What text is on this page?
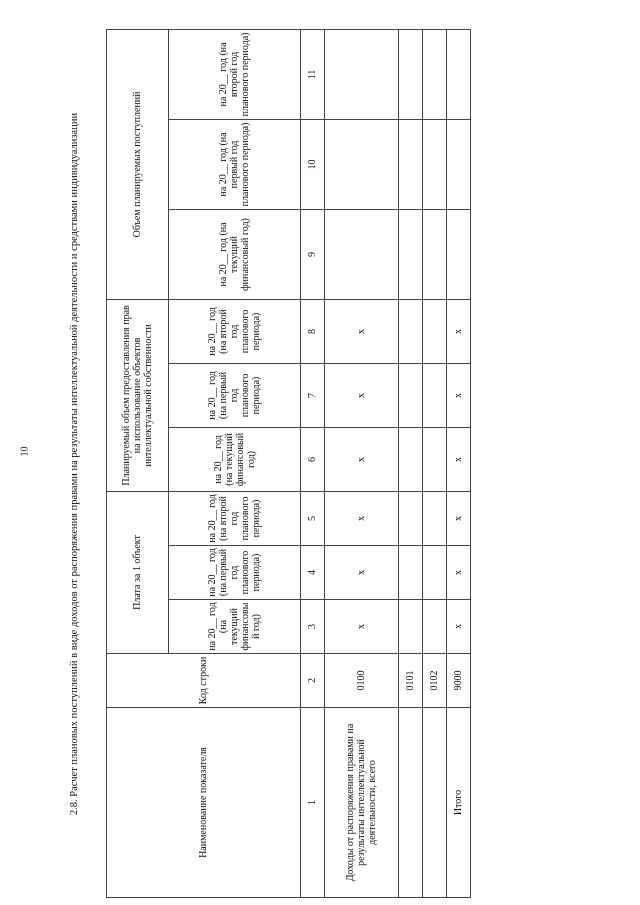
10	2.8. Расчет плановых поступлений в виде доходов от распоряжения правами на результаты интеллектуальной деятельности и средствами индивидуализации	Наименование показателя	Код строки	Плата за 1 объект			Планируемый объем предоставления прав на использование объектов интеллектуальной собственности			Объем планируемых поступлений		
		на 20__ год (на текущий финансовый год)	на 20__ год (на первый год планового периода)	на 20__ год (на второй год планового периода)	на 20__ год (на текущий финансовый год)	на 20__ год (на первый год планового периода)	на 20__ год (на второй год планового периода)	на 20__ год (на текущий финансовый год)	на 20__ год (на первый год планового периода)	на 20__ год (на второй год планового периода)
1	2	3	4	5	6	7	8	9	10	11
Доходы от распоряжения правами на результаты интеллектуальной деятельности, всего	0100	х	х	х	х	х	х			
	0101									
	0102									
Итого	9000	х	х	х	х	х	х			
